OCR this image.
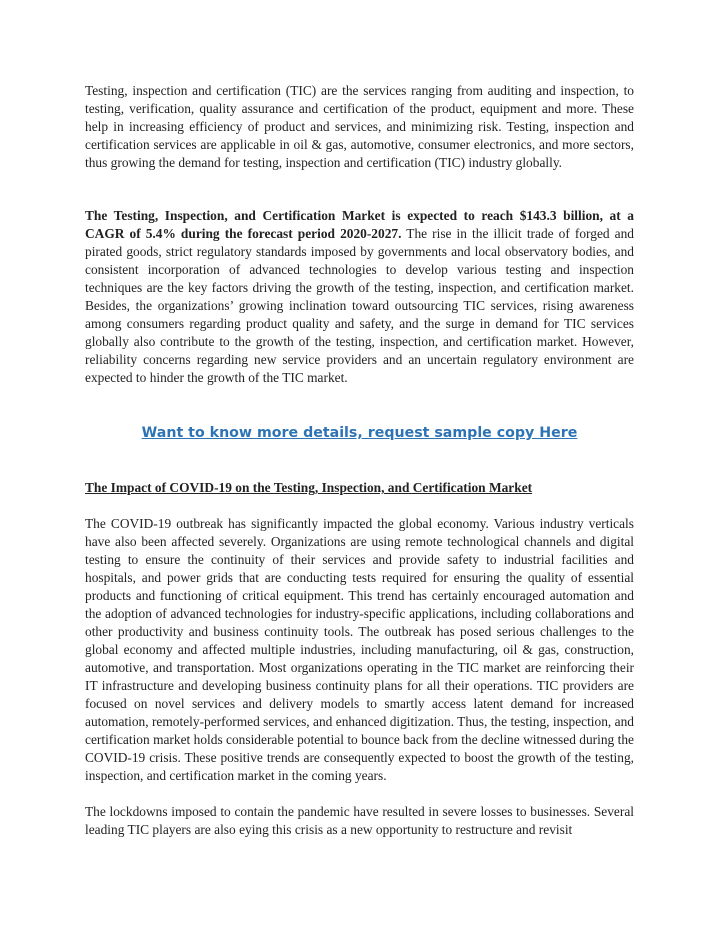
Testing, inspection and certification (TIC) are the services ranging from auditing and inspection, to testing, verification, quality assurance and certification of the product, equipment and more. These help in increasing efficiency of product and services, and minimizing risk. Testing, inspection and certification services are applicable in oil & gas, automotive, consumer electronics, and more sectors, thus growing the demand for testing, inspection and certification (TIC) industry globally.

The Testing, Inspection, and Certification Market is expected to reach $143.3 billion, at a CAGR of 5.4% during the forecast period 2020-2027. The rise in the illicit trade of forged and pirated goods, strict regulatory standards imposed by governments and local observatory bodies, and consistent incorporation of advanced technologies to develop various testing and inspection techniques are the key factors driving the growth of the testing, inspection, and certification market. Besides, the organizations’ growing inclination toward outsourcing TIC services, rising awareness among consumers regarding product quality and safety, and the surge in demand for TIC services globally also contribute to the growth of the testing, inspection, and certification market. However, reliability concerns regarding new service providers and an uncertain regulatory environment are expected to hinder the growth of the TIC market.

Want to know more details, request sample copy Here

The Impact of COVID-19 on the Testing, Inspection, and Certification Market

The COVID-19 outbreak has significantly impacted the global economy. Various industry verticals have also been affected severely. Organizations are using remote technological channels and digital testing to ensure the continuity of their services and provide safety to industrial facilities and hospitals, and power grids that are conducting tests required for ensuring the quality of essential products and functioning of critical equipment. This trend has certainly encouraged automation and the adoption of advanced technologies for industry-specific applications, including collaborations and other productivity and business continuity tools. The outbreak has posed serious challenges to the global economy and affected multiple industries, including manufacturing, oil & gas, construction, automotive, and transportation. Most organizations operating in the TIC market are reinforcing their IT infrastructure and developing business continuity plans for all their operations. TIC providers are focused on novel services and delivery models to smartly access latent demand for increased automation, remotely-performed services, and enhanced digitization. Thus, the testing, inspection, and certification market holds considerable potential to bounce back from the decline witnessed during the COVID-19 crisis. These positive trends are consequently expected to boost the growth of the testing, inspection, and certification market in the coming years.

The lockdowns imposed to contain the pandemic have resulted in severe losses to businesses. Several leading TIC players are also eying this crisis as a new opportunity to restructure and revisit
